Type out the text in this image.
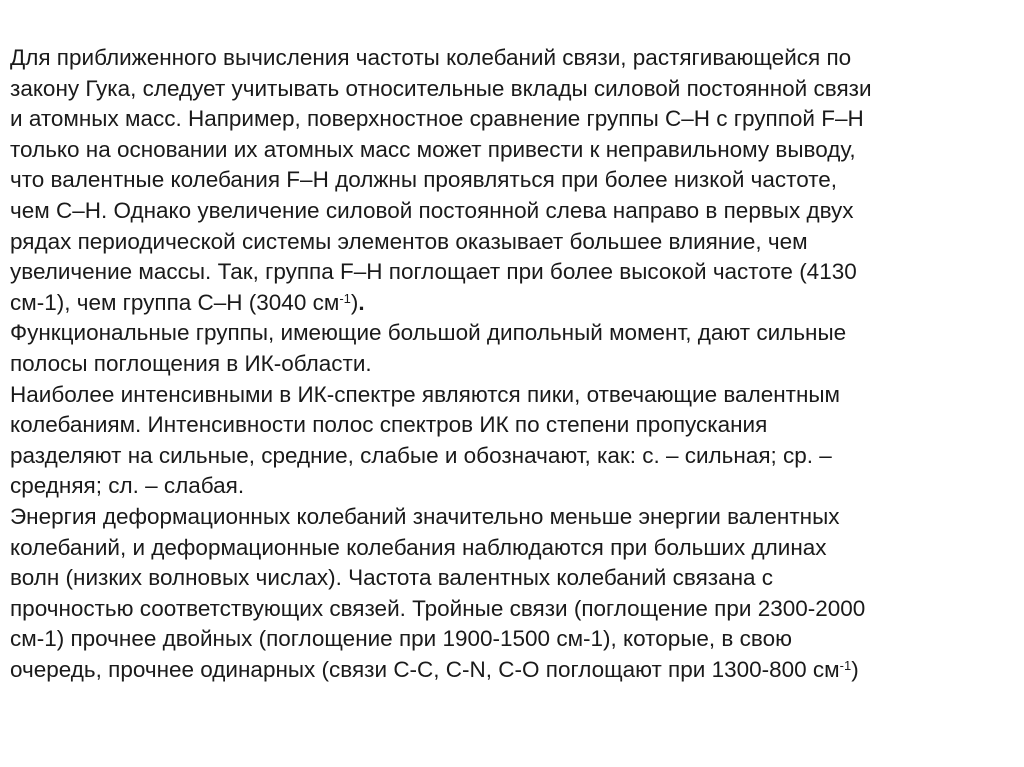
Для приближенного вычисления частоты колебаний связи, растягивающейся по
закону Гука, следует учитывать относительные вклады силовой постоянной связи
и атомных масс. Например, поверхностное сравнение группы С–Н с группой F–H
только на основании их атомных масс может привести к неправильному выводу,
что валентные колебания F–H должны проявляться при более низкой частоте,
чем С–Н. Однако увеличение силовой постоянной слева направо в первых двух
рядах периодической системы элементов оказывает большее влияние, чем
увеличение массы. Так, группа F–H поглощает при более высокой частоте (4130
см-1), чем группа С–Н (3040 $см^{-1}$).
Функциональные группы, имеющие большой дипольный момент, дают сильные
полосы поглощения в ИК-области.
Наиболее интенсивными в ИК-спектре являются пики, отвечающие валентным
колебаниям. Интенсивности полос спектров ИК по степени пропускания
разделяют на сильные, средние, слабые и обозначают, как: с. – сильная; ср. –
средняя; сл. – слабая.
Энергия деформационных колебаний значительно меньше энергии валентных
колебаний, и деформационные колебания наблюдаются при больших длинах
волн (низких волновых числах). Частота валентных колебаний связана с
прочностью соответствующих связей. Тройные связи (поглощение при 2300-2000
см-1) прочнее двойных (поглощение при 1900-1500 см-1), которые, в свою
очередь, прочнее одинарных (связи C-C, C-N, C-O поглощают при 1300-800 $см^{-1}$)
